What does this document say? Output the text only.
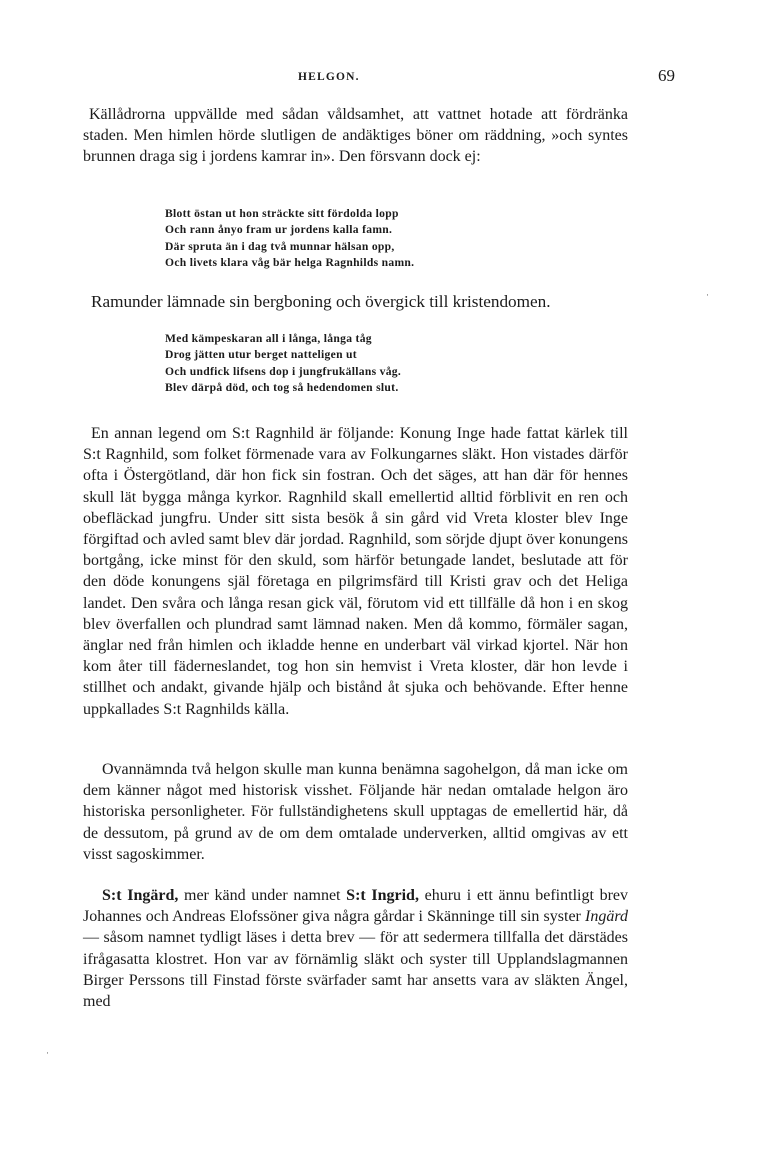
HELGON.	69

Källådrorna uppvällde med sådan våldsamhet, att vattnet hotade att fördränka staden. Men himlen hörde slutligen de andäktiges böner om räddning, »och syntes brunnen draga sig i jordens kamrar in». Den försvann dock ej:

Blott östan ut hon sträckte sitt fördolda lopp
Och rann ånyo fram ur jordens kalla famn.
Där spruta än i dag två munnar hälsan opp,
Och livets klara våg bär helga Ragnhilds namn.

Ramunder lämnade sin bergboning och övergick till kristendomen.

Med kämpeskaran all i långa, långa tåg
Drog jätten utur berget natteligen ut
Och undfick lifsens dop i jungfrukällans våg.
Blev därpå död, och tog så hedendomen slut.

En annan legend om S:t Ragnhild är följande: Konung Inge hade fattat kärlek till S:t Ragnhild, som folket förmenade vara av Folkungarnes släkt. Hon vistades därför ofta i Östergötland, där hon fick sin fostran. Och det säges, att han där för hennes skull lät bygga många kyrkor. Ragnhild skall emellertid alltid förblivit en ren och obefläckad jungfru. Under sitt sista besök å sin gård vid Vreta kloster blev Inge förgiftad och avled samt blev där jordad. Ragnhild, som sörjde djupt över konungens bortgång, icke minst för den skuld, som härför betungade landet, beslutade att för den döde konungens själ företaga en pilgrimsfärd till Kristi grav och det Heliga landet. Den svåra och långa resan gick väl, förutom vid ett tillfälle då hon i en skog blev överfallen och plundrad samt lämnad naken. Men då kommo, förmäler sagan, änglar ned från himlen och ikladde henne en underbart väl virkad kjortel. När hon kom åter till fäderneslandet, tog hon sin hemvist i Vreta kloster, där hon levde i stillhet och andakt, givande hjälp och bistånd åt sjuka och behövande. Efter henne uppkallades S:t Ragnhilds källa.

Ovannämnda två helgon skulle man kunna benämna sagohelgon, då man icke om dem känner något med historisk visshet. Följande här nedan omtalade helgon äro historiska personligheter. För fullständighetens skull upptagas de emellertid här, då de dessutom, på grund av de om dem omtalade underverken, alltid omgivas av ett visst sagoskimmer.

S:t Ingärd, mer känd under namnet S:t Ingrid, ehuru i ett ännu befintligt brev Johannes och Andreas Elofssöner giva några gårdar i Skänninge till sin syster Ingärd — såsom namnet tydligt läses i detta brev — för att sedermera tillfalla det därstädes ifrågasatta klostret. Hon var av förnämlig släkt och syster till Upplandslagmannen Birger Perssons till Finstad förste svärfader samt har ansetts vara av släkten Ängel, med

·
·
